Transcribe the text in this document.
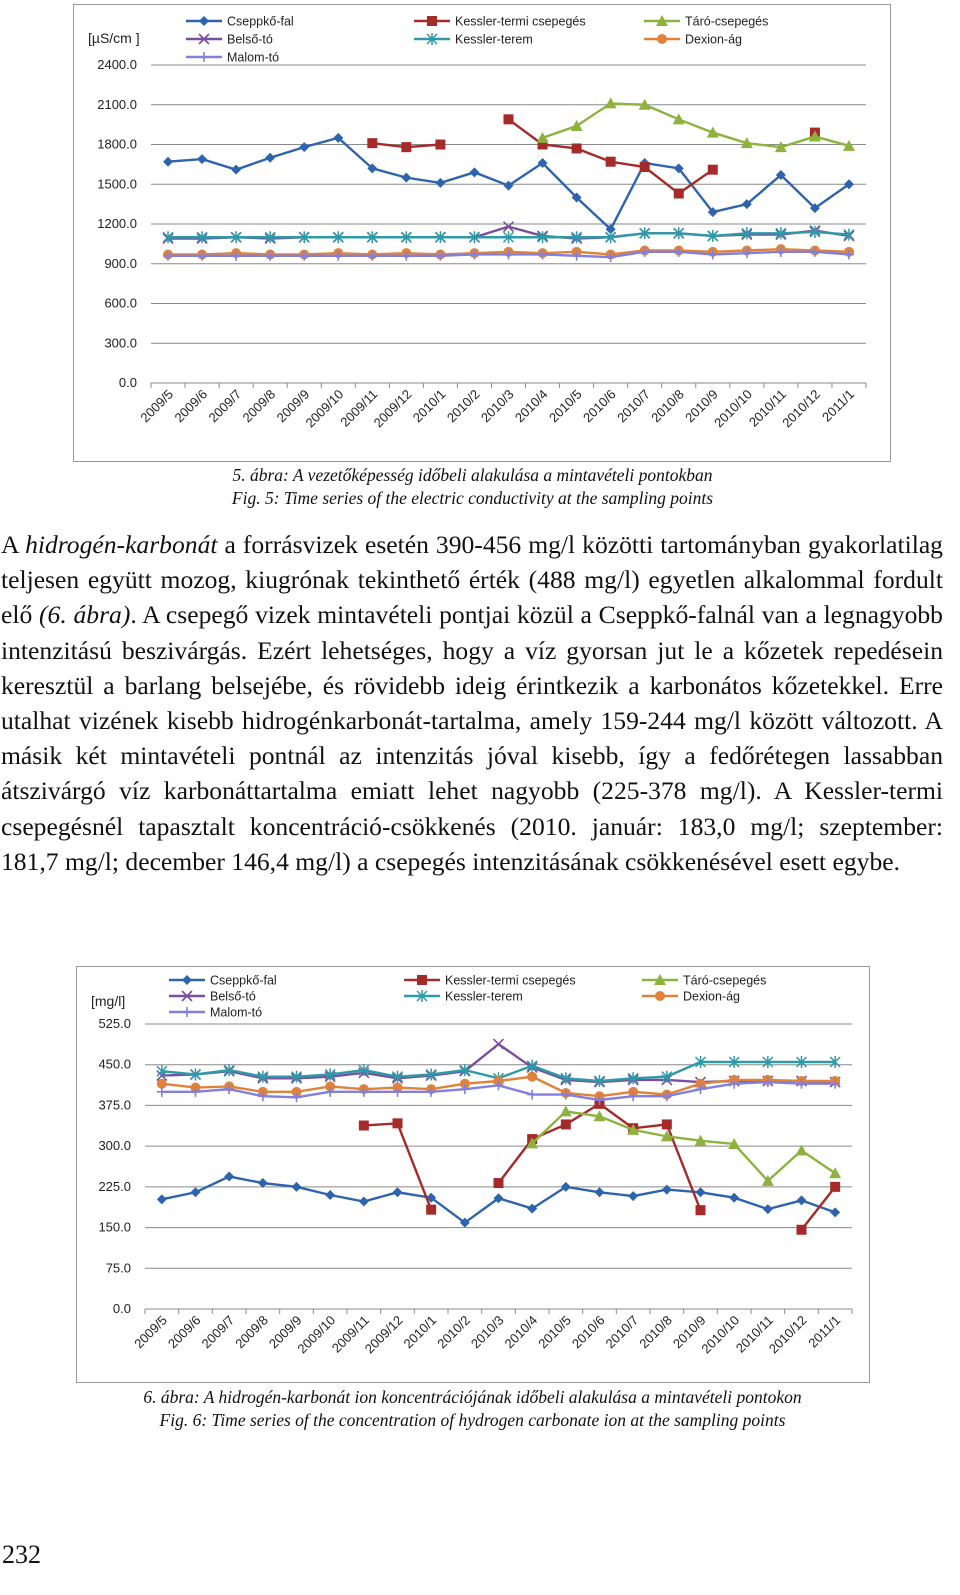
0.0
300.0
600.0
900.0
1200.0
1500.0
1800.0
2100.0
2400.0
2009/5
2009/6
2009/7
2009/8
2009/9
2009/10
2009/11
2009/12
2010/1
2010/2
2010/3
2010/4
2010/5
2010/6
2010/7
2010/8
2010/9
2010/10
2010/11
2010/12
2011/1
[µS/cm ]
Cseppkő-fal	Kessler-termi csepegés	Táró-csepegés
Belső-tó	Kessler-terem	Dexion-ág
Malom-tó
5. ábra: A vezetőképesség időbeli alakulása a mintavételi pontokban
Fig. 5: Time series of the electric conductivity at the sampling points

A hidrogén-karbonát a forrásvizek esetén 390-456 mg/l közötti tartományban gyakorlatilag teljesen együtt mozog, kiugrónak tekinthető érték (488 mg/l) egyetlen alkalommal fordult elő (6. ábra). A csepegő vizek mintavételi pontjai közül a Cseppkő-falnál van a legnagyobb intenzitású beszivárgás. Ezért lehetséges, hogy a víz gyorsan jut le a kőzetek repedésein keresztül a barlang belsejébe, és rövidebb ideig érintkezik a karbonátos kőzetekkel. Erre utalhat vizének kisebb hidrogénkarbonát-tartalma, amely 159-244 mg/l között változott. A másik két mintavételi pontnál az intenzitás jóval kisebb, így a fedőrétegen lassabban átszivárgó víz karbonáttartalma emiatt lehet nagyobb (225-378 mg/l). A Kessler-termi csepegésnél tapasztalt koncentráció-csökkenés (2010. január: 183,0 mg/l; szeptember: 181,7 mg/l; december 146,4 mg/l) a csepegés intenzitásának csökkenésével esett egybe.

0.0
75.0
150.0
225.0
300.0
375.0
450.0
525.0
2009/5
2009/6
2009/7
2009/8
2009/9
2009/10
2009/11
2009/12
2010/1
2010/2
2010/3
2010/4
2010/5
2010/6
2010/7
2010/8
2010/9
2010/10
2010/11
2010/12
2011/1
[mg/l]
Cseppkő-fal	Kessler-termi csepegés	Táró-csepegés
Belső-tó	Kessler-terem	Dexion-ág
Malom-tó
6. ábra: A hidrogén-karbonát ion koncentrációjának időbeli alakulása a mintavételi pontokon
Fig. 6: Time series of the concentration of hydrogen carbonate ion at the sampling points
232
